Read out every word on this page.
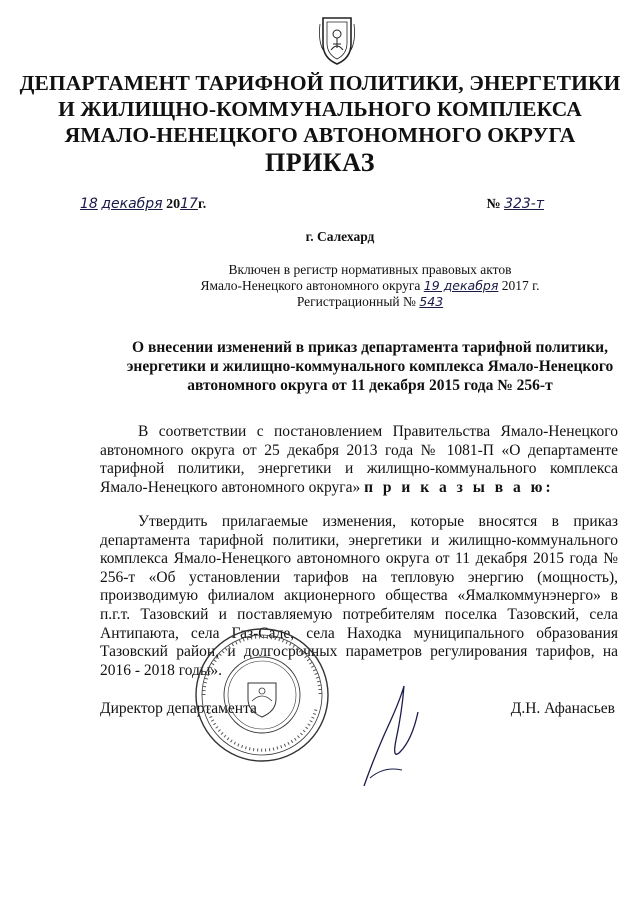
ДЕПАРТАМЕНТ ТАРИФНОЙ ПОЛИТИКИ, ЭНЕРГЕТИКИ
И ЖИЛИЩНО-КОММУНАЛЬНОГО КОМПЛЕКСА
ЯМАЛО-НЕНЕЦКОГО АВТОНОМНОГО ОКРУГА
ПРИКАЗ
18 декабря 2017г.	№ 323-т
г. Салехард
Включен в регистр нормативных правовых актов
Ямало-Ненецкого автономного округа 19 декабря 2017 г.
Регистрационный № 543
О внесении изменений в приказ департамента тарифной политики, энергетики и жилищно-коммунального комплекса Ямало-Ненецкого автономного округа от 11 декабря 2015 года № 256-т
В соответствии с постановлением Правительства Ямало-Ненецкого автономного округа от 25 декабря 2013 года № 1081-П «О департаменте тарифной политики, энергетики и жилищно-коммунального комплекса Ямало-Ненецкого автономного округа» п р и к а з ы в а ю:
Утвердить прилагаемые изменения, которые вносятся в приказ департамента тарифной политики, энергетики и жилищно-коммунального комплекса Ямало-Ненецкого автономного округа от 11 декабря 2015 года № 256-т «Об установлении тарифов на тепловую энергию (мощность), производимую филиалом акционерного общества «Ямалкоммунэнерго» в п.г.т. Тазовский и поставляемую потребителям поселка Тазовский, села Антипаюта, села Газ-Сале, села Находка муниципального образования Тазовский район, и долгосрочных параметров регулирования тарифов, на 2016 - 2018 годы».
Директор департамента	Д.Н. Афанасьев
